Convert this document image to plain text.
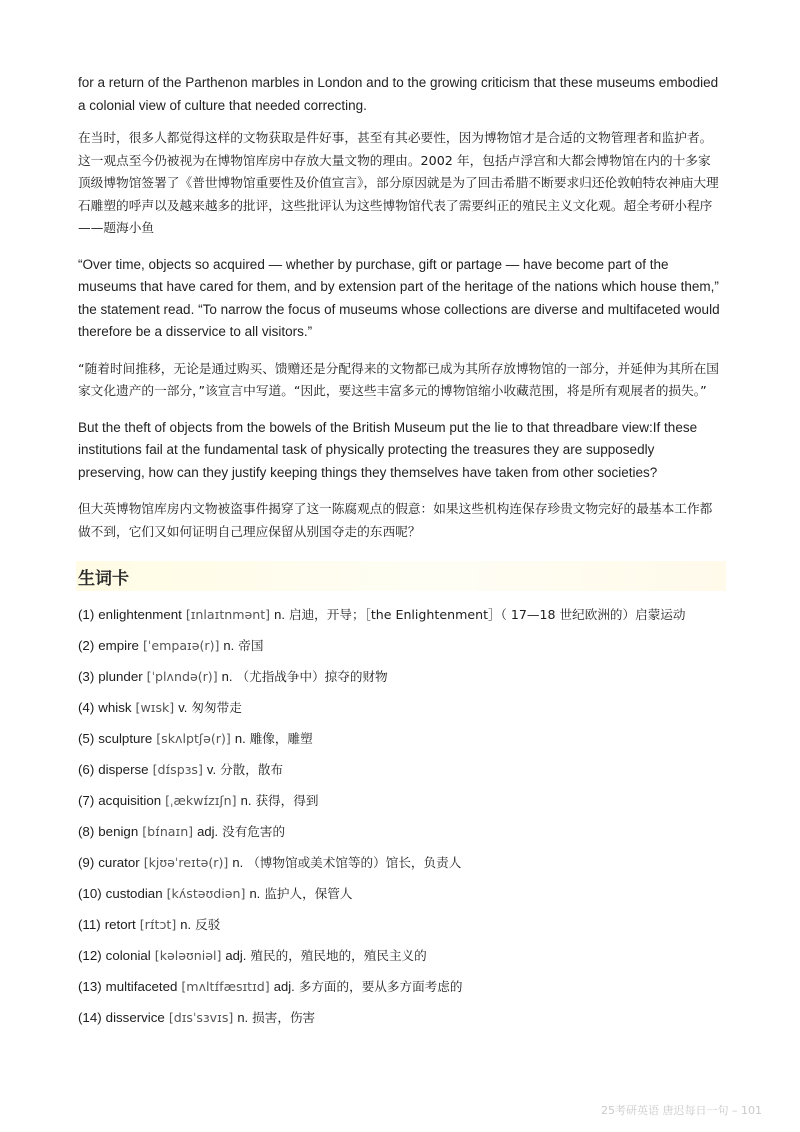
for a return of the Parthenon marbles in London and to the growing criticism that these museums embodied a colonial view of culture that needed correcting.

在当时，很多人都觉得这样的文物获取是件好事，甚至有其必要性，因为博物馆才是合适的文物管理者和监护者。这一观点至今仍被视为在博物馆库房中存放大量文物的理由。2002 年，包括卢浮宫和大都会博物馆在内的十多家顶级博物馆签署了《普世博物馆重要性及价值宣言》，部分原因就是为了回击希腊不断要求归还伦敦帕特农神庙大理石雕塑的呼声以及越来越多的批评，这些批评认为这些博物馆代表了需要纠正的殖民主义文化观。超全考研小程序——题海小鱼

“Over time, objects so acquired — whether by purchase, gift or partage — have become part of the museums that have cared for them, and by extension part of the heritage of the nations which house them,” the statement read. “To narrow the focus of museums whose collections are diverse and multifaceted would therefore be a disservice to all visitors.”

“随着时间推移，无论是通过购买、馈赠还是分配得来的文物都已成为其所存放博物馆的一部分，并延伸为其所在国家文化遗产的一部分，”该宣言中写道。“因此，要这些丰富多元的博物馆缩小收藏范围，将是所有观展者的损失。”

But the theft of objects from the bowels of the British Museum put the lie to that threadbare view:If these institutions fail at the fundamental task of physically protecting the treasures they are supposedly preserving, how can they justify keeping things they themselves have taken from other societies?

但大英博物馆库房内文物被盗事件揭穿了这一陈腐观点的假意：如果这些机构连保存珍贵文物完好的最基本工作都做不到，它们又如何证明自己理应保留从别国夺走的东西呢？

生词卡
(1) enlightenment [ɪnlaɪtnmənt] n. 启迪，开导；［the Enlightenment］（ 17—18 世纪欧洲的）启蒙运动
(2) empire [ˈempaɪə(r)] n. 帝国
(3) plunder [ˈplʌndə(r)] n. （尤指战争中）掠夺的财物
(4) whisk [wɪsk] v. 匆匆带走
(5) sculpture [skʌlptʃə(r)] n. 雕像，雕塑
(6) disperse [dɪ́spɜs] v. 分散，散布
(7) acquisition [ˌækwɪ́zɪʃn] n. 获得，得到
(8) benign [bɪ́naɪn] adj. 没有危害的
(9) curator [kjʊəˈreɪtə(r)] n. （博物馆或美术馆等的）馆长，负责人
(10) custodian [kʌ́stəʊdiən] n. 监护人，保管人
(11) retort [rɪ́tɔt] n. 反驳
(12) colonial [kələʊniəl] adj. 殖民的，殖民地的，殖民主义的
(13) multifaceted [mʌltɪ́fæsɪtɪd] adj. 多方面的，要从多方面考虑的
(14) disservice [dɪsˈsɜvɪs] n. 损害，伤害
25考研英语 唐迟每日一句 – 101
